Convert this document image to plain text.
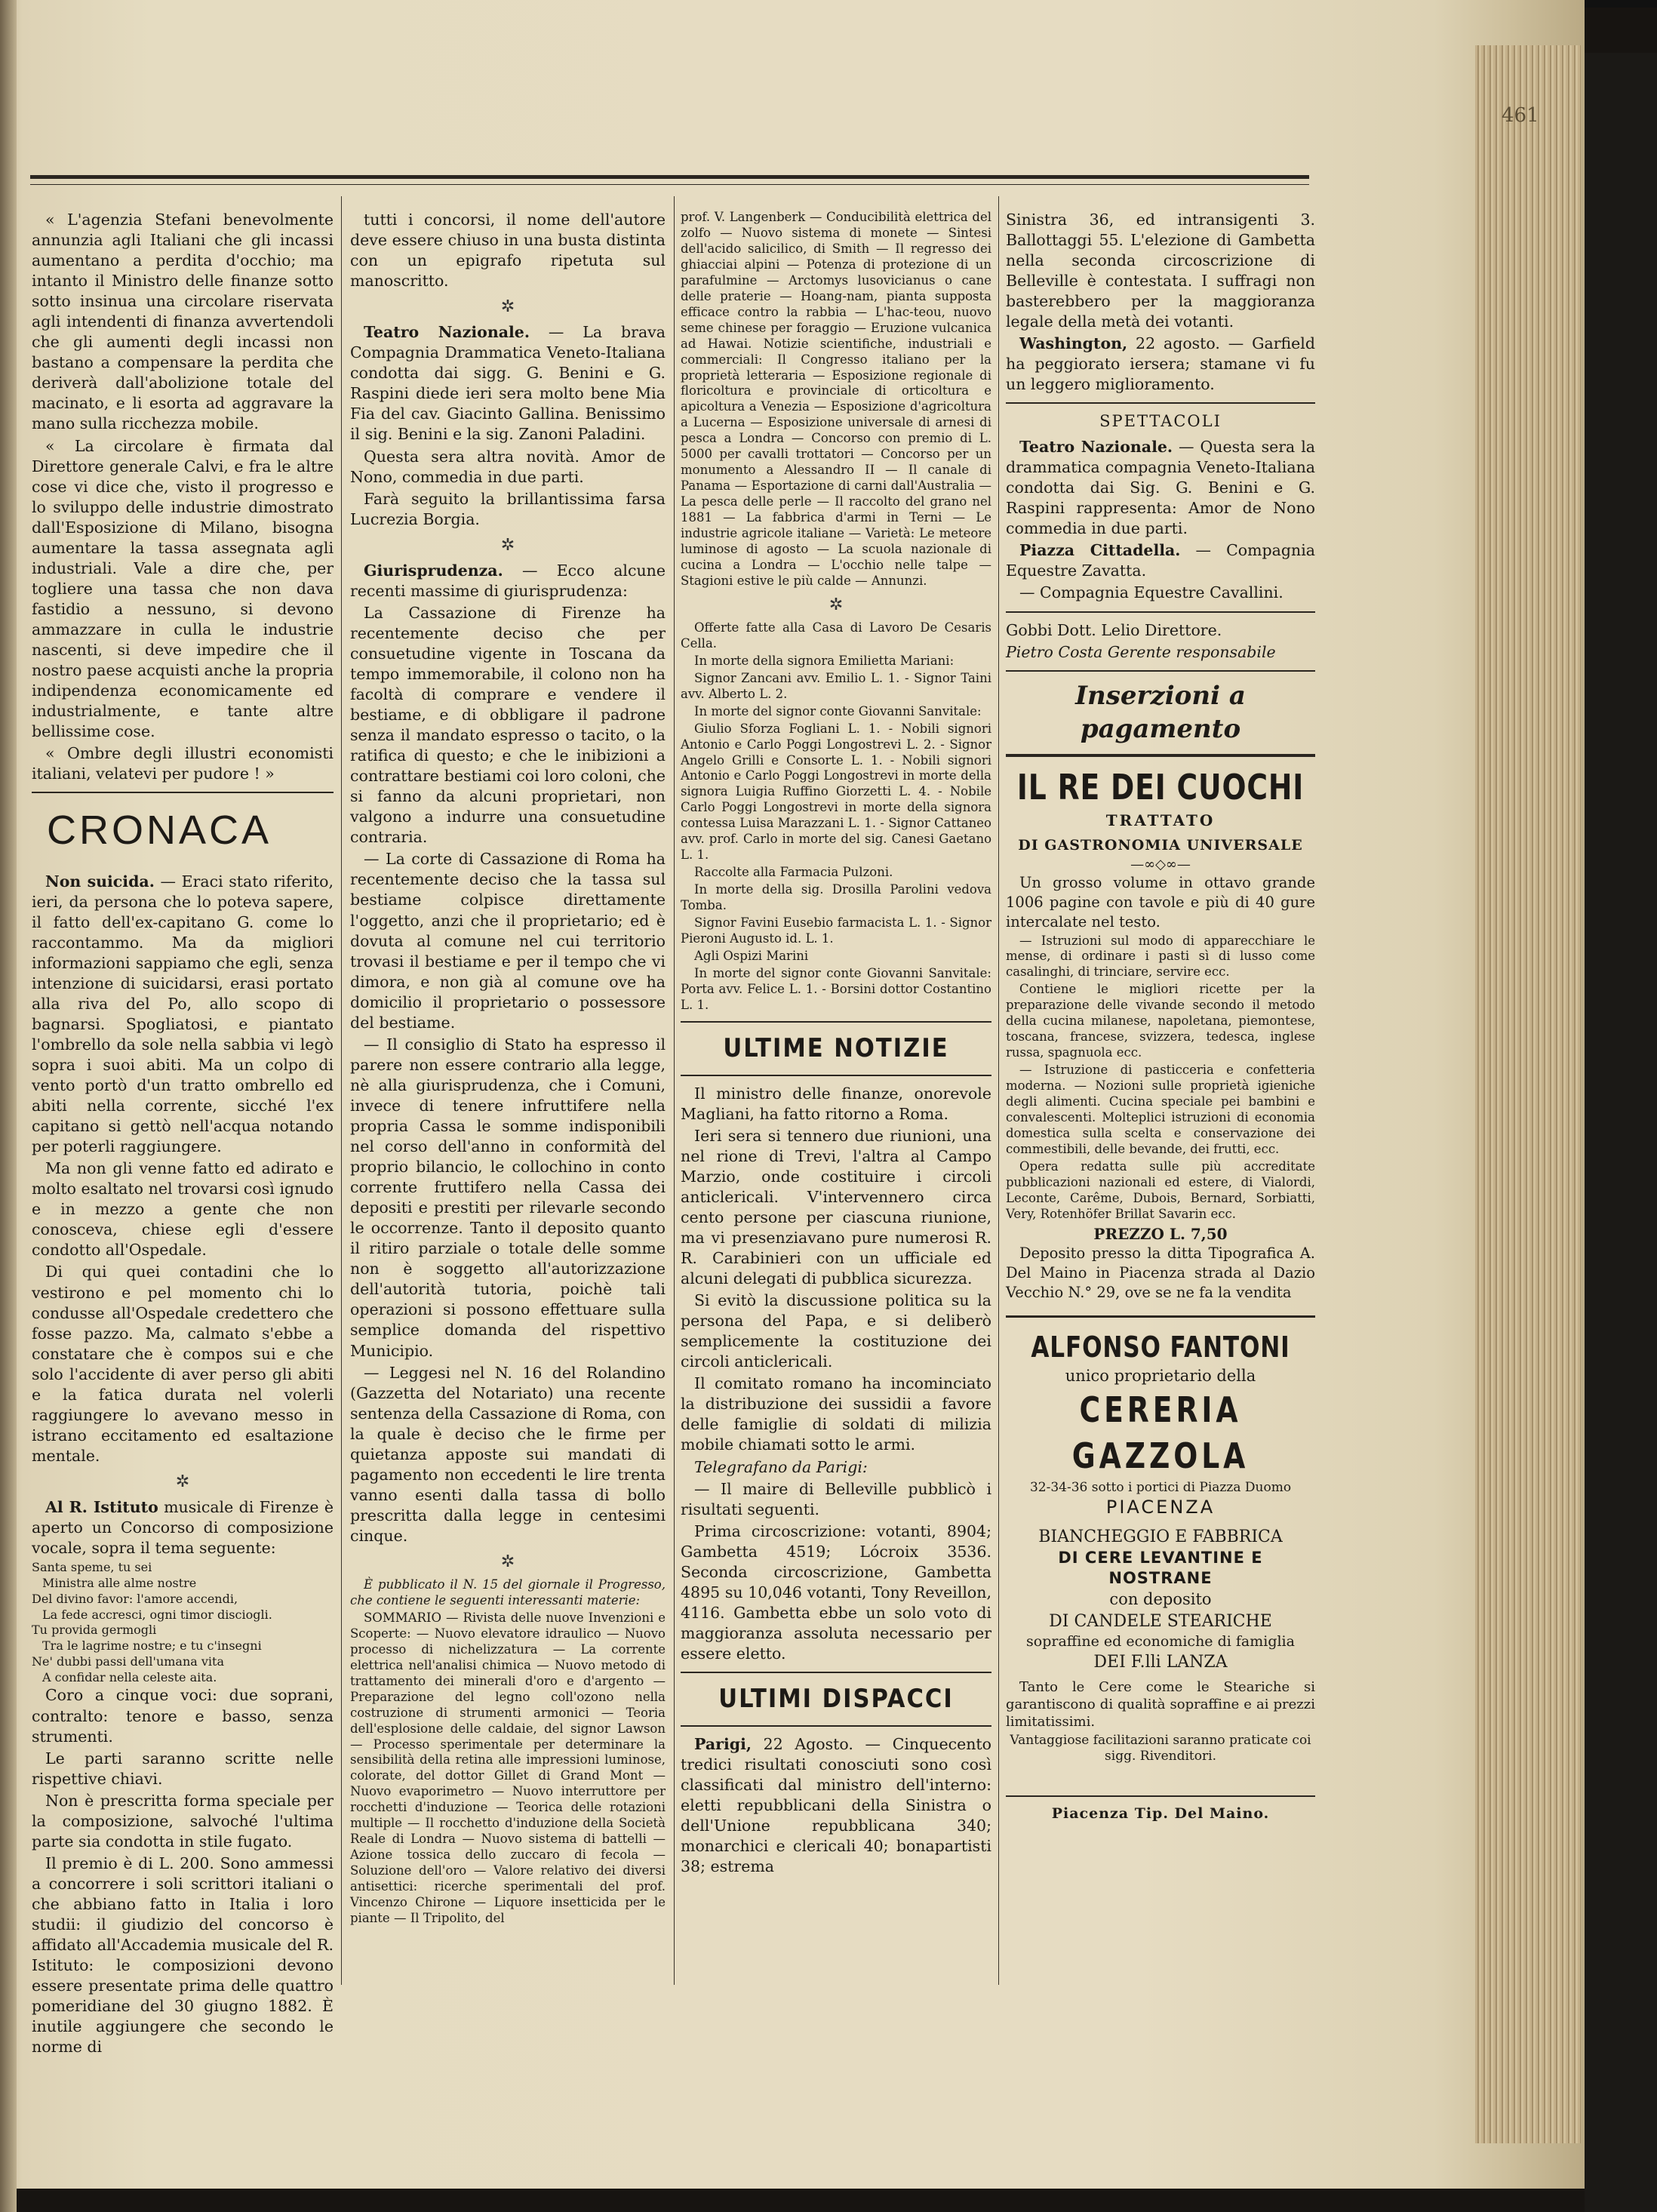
461

« L'agenzia Stefani benevolmente annunzia agli Italiani che gli incassi aumentano a perdita d'occhio; ma intanto il Ministro delle finanze sotto sotto insinua una circolare riservata agli intendenti di finanza avvertendoli che gli aumenti degli incassi non bastano a compensare la perdita che deriverà dall'abolizione totale del macinato, e li esorta ad aggravare la mano sulla ricchezza mobile.

« La circolare è firmata dal Direttore generale Calvi, e fra le altre cose vi dice che, visto il progresso e lo sviluppo delle industrie dimostrato dall'Esposizione di Milano, bisogna aumentare la tassa assegnata agli industriali. Vale a dire che, per togliere una tassa che non dava fastidio a nessuno, si devono ammazzare in culla le industrie nascenti, si deve impedire che il nostro paese acquisti anche la propria indipendenza economicamente ed industrialmente, e tante altre bellissime cose.

« Ombre degli illustri economisti italiani, velatevi per pudore ! »

CRONACA

Non suicida. — Eraci stato riferito, ieri, da persona che lo poteva sapere, il fatto dell'ex-capitano G. come lo raccontammo. Ma da migliori informazioni sappiamo che egli, senza intenzione di suicidarsi, erasi portato alla riva del Po, allo scopo di bagnarsi. Spogliatosi, e piantato l'ombrello da sole nella sabbia vi legò sopra i suoi abiti. Ma un colpo di vento portò d'un tratto ombrello ed abiti nella corrente, sicché l'ex capitano si gettò nell'acqua notando per poterli raggiungere.

Ma non gli venne fatto ed adirato e molto esaltato nel trovarsi così ignudo e in mezzo a gente che non conosceva, chiese egli d'essere condotto all'Ospedale.

Di qui quei contadini che lo vestirono e pel momento chi lo condusse all'Ospedale credettero che fosse pazzo. Ma, calmato s'ebbe a constatare che è compos sui e che solo l'accidente di aver perso gli abiti e la fatica durata nel volerli raggiungere lo avevano messo in istrano eccitamento ed esaltazione mentale.

✲

Al R. Istituto musicale di Firenze è aperto un Concorso di composizione vocale, sopra il tema seguente:

Santa speme, tu sei
Ministra alle alme nostre
Del divino favor: l'amore accendi,
La fede accresci, ogni timor disciogli.
Tu provida germogli
Tra le lagrime nostre; e tu c'insegni
Ne' dubbi passi dell'umana vita
A confidar nella celeste aita.

Coro a cinque voci: due soprani, contralto: tenore e basso, senza strumenti.

Le parti saranno scritte nelle rispettive chiavi.

Non è prescritta forma speciale per la composizione, salvoché l'ultima parte sia condotta in stile fugato.

Il premio è di L. 200. Sono ammessi a concorrere i soli scrittori italiani o che abbiano fatto in Italia i loro studii: il giudizio del concorso è affidato all'Accademia musicale del R. Istituto: le composizioni devono essere presentate prima delle quattro pomeridiane del 30 giugno 1882. È inutile aggiungere che secondo le norme di

tutti i concorsi, il nome dell'autore deve essere chiuso in una busta distinta con un epigrafo ripetuta sul manoscritto.

✲

Teatro Nazionale. — La brava Compagnia Drammatica Veneto-Italiana condotta dai sigg. G. Benini e G. Raspini diede ieri sera molto bene Mia Fia del cav. Giacinto Gallina. Benissimo il sig. Benini e la sig. Zanoni Paladini.

Questa sera altra novità. Amor de Nono, commedia in due parti.

Farà seguito la brillantissima farsa Lucrezia Borgia.

✲

Giurisprudenza. — Ecco alcune recenti massime di giurisprudenza:

La Cassazione di Firenze ha recentemente deciso che per consuetudine vigente in Toscana da tempo immemorabile, il colono non ha facoltà di comprare e vendere il bestiame, e di obbligare il padrone senza il mandato espresso o tacito, o la ratifica di questo; e che le inibizioni a contrattare bestiami coi loro coloni, che si fanno da alcuni proprietari, non valgono a indurre una consuetudine contraria.

— La corte di Cassazione di Roma ha recentemente deciso che la tassa sul bestiame colpisce direttamente l'oggetto, anzi che il proprietario; ed è dovuta al comune nel cui territorio trovasi il bestiame e per il tempo che vi dimora, e non già al comune ove ha domicilio il proprietario o possessore del bestiame.

— Il consiglio di Stato ha espresso il parere non essere contrario alla legge, nè alla giurisprudenza, che i Comuni, invece di tenere infruttifere nella propria Cassa le somme indisponibili nel corso dell'anno in conformità del proprio bilancio, le collochino in conto corrente fruttifero nella Cassa dei depositi e prestiti per rilevarle secondo le occorrenze. Tanto il deposito quanto il ritiro parziale o totale delle somme non è soggetto all'autorizzazione dell'autorità tutoria, poichè tali operazioni si possono effettuare sulla semplice domanda del rispettivo Municipio.

— Leggesi nel N. 16 del Rolandino (Gazzetta del Notariato) una recente sentenza della Cassazione di Roma, con la quale è deciso che le firme per quietanza apposte sui mandati di pagamento non eccedenti le lire trenta vanno esenti dalla tassa di bollo prescritta dalla legge in centesimi cinque.

✲

È pubblicato il N. 15 del giornale il Progresso, che contiene le seguenti interessanti materie:

SOMMARIO — Rivista delle nuove Invenzioni e Scoperte: — Nuovo elevatore idraulico — Nuovo processo di nichelizzatura — La corrente elettrica nell'analisi chimica — Nuovo metodo di trattamento dei minerali d'oro e d'argento — Preparazione del legno coll'ozono nella costruzione di strumenti armonici — Teoria dell'esplosione delle caldaie, del signor Lawson — Processo sperimentale per determinare la sensibilità della retina alle impressioni luminose, colorate, del dottor Gillet di Grand Mont — Nuovo evaporimetro — Nuovo interruttore per rocchetti d'induzione — Teorica delle rotazioni multiple — Il rocchetto d'induzione della Società Reale di Londra — Nuovo sistema di battelli — Azione tossica dello zuccaro di fecola — Soluzione dell'oro — Valore relativo dei diversi antisettici: ricerche sperimentali del prof. Vincenzo Chirone — Liquore insetticida per le piante — Il Tripolito, del

prof. V. Langenberk — Conducibilità elettrica del zolfo — Nuovo sistema di monete — Sintesi dell'acido salicilico, di Smith — Il regresso dei ghiacciai alpini — Potenza di protezione di un parafulmine — Arctomys lusovicianus o cane delle praterie — Hoang-nam, pianta supposta efficace contro la rabbia — L'hac-teou, nuovo seme chinese per foraggio — Eruzione vulcanica ad Hawai. Notizie scientifiche, industriali e commerciali: Il Congresso italiano per la proprietà letteraria — Esposizione regionale di floricoltura e provinciale di orticoltura e apicoltura a Venezia — Esposizione d'agricoltura a Lucerna — Esposizione universale di arnesi di pesca a Londra — Concorso con premio di L. 5000 per cavalli trottatori — Concorso per un monumento a Alessandro II — Il canale di Panama — Esportazione di carni dall'Australia — La pesca delle perle — Il raccolto del grano nel 1881 — La fabbrica d'armi in Terni — Le industrie agricole italiane — Varietà: Le meteore luminose di agosto — La scuola nazionale di cucina a Londra — L'occhio nelle talpe — Stagioni estive le più calde — Annunzi.

✲

Offerte fatte alla Casa di Lavoro De Cesaris Cella.

In morte della signora Emilietta Mariani:

Signor Zancani avv. Emilio L. 1. - Signor Taini avv. Alberto L. 2.

In morte del signor conte Giovanni Sanvitale:

Giulio Sforza Fogliani L. 1. - Nobili signori Antonio e Carlo Poggi Longostrevi L. 2. - Signor Angelo Grilli e Consorte L. 1. - Nobili signori Antonio e Carlo Poggi Longostrevi in morte della signora Luigia Ruffino Giorzetti L. 4. - Nobile Carlo Poggi Longostrevi in morte della signora contessa Luisa Marazzani L. 1. - Signor Cattaneo avv. prof. Carlo in morte del sig. Canesi Gaetano L. 1.

Raccolte alla Farmacia Pulzoni.

In morte della sig. Drosilla Parolini vedova Tomba.

Signor Favini Eusebio farmacista L. 1. - Signor Pieroni Augusto id. L. 1.

Agli Ospizi Marini

In morte del signor conte Giovanni Sanvitale: Porta avv. Felice L. 1. - Borsini dottor Costantino L. 1.

ULTIME NOTIZIE

Il ministro delle finanze, onorevole Magliani, ha fatto ritorno a Roma.

Ieri sera si tennero due riunioni, una nel rione di Trevi, l'altra al Campo Marzio, onde costituire i circoli anticlericali. V'intervennero circa cento persone per ciascuna riunione, ma vi presenziavano pure numerosi R. R. Carabinieri con un ufficiale ed alcuni delegati di pubblica sicurezza.

Si evitò la discussione politica su la persona del Papa, e si deliberò semplicemente la costituzione dei circoli anticlericali.

Il comitato romano ha incominciato la distribuzione dei sussidii a favore delle famiglie di soldati di milizia mobile chiamati sotto le armi.

Telegrafano da Parigi:

— Il maire di Belleville pubblicò i risultati seguenti.

Prima circoscrizione: votanti, 8904; Gambetta 4519; Lócroix 3536. Seconda circoscrizione, Gambetta 4895 su 10,046 votanti, Tony Reveillon, 4116. Gambetta ebbe un solo voto di maggioranza assoluta necessario per essere eletto.

ULTIMI DISPACCI

Parigi, 22 Agosto. — Cinquecento tredici risultati conosciuti sono così classificati dal ministro dell'interno: eletti repubblicani della Sinistra o dell'Unione repubblicana 340; monarchici e clericali 40; bonapartisti 38; estrema

Sinistra 36, ed intransigenti 3. Ballottaggi 55. L'elezione di Gambetta nella seconda circoscrizione di Belleville è contestata. I suffragi non basterebbero per la maggioranza legale della metà dei votanti.

Washington, 22 agosto. — Garfield ha peggiorato iersera; stamane vi fu un leggero miglioramento.

SPETTACOLI

Teatro Nazionale. — Questa sera la drammatica compagnia Veneto-Italiana condotta dai Sig. G. Benini e G. Raspini rappresenta: Amor de Nono commedia in due parti.

Piazza Cittadella. — Compagnia Equestre Zavatta.

— Compagnia Equestre Cavallini.

Gobbi Dott. Lelio Direttore.

Pietro Costa Gerente responsabile

Inserzioni a pagamento
IL RE DEI CUOCHI
TRATTATO
DI GASTRONOMIA UNIVERSALE
—∞◇∞—

Un grosso volume in ottavo grande 1006 pagine con tavole e più di 40 gure intercalate nel testo.

— Istruzioni sul modo di apparecchiare le mense, di ordinare i pasti sì di lusso come casalinghi, di trinciare, servire ecc.

Contiene le migliori ricette per la preparazione delle vivande secondo il metodo della cucina milanese, napoletana, piemontese, toscana, francese, svizzera, tedesca, inglese russa, spagnuola ecc.

— Istruzione di pasticceria e confetteria moderna. — Nozioni sulle proprietà igieniche degli alimenti. Cucina speciale pei bambini e convalescenti. Molteplici istruzioni di economia domestica sulla scelta e conservazione dei commestibili, delle bevande, dei frutti, ecc.

Opera redatta sulle più accreditate pubblicazioni nazionali ed estere, di Vialordi, Leconte, Carême, Dubois, Bernard, Sorbiatti, Very, Rotenhöfer Brillat Savarin ecc.

PREZZO L. 7,50

Deposito presso la ditta Tipografica A. Del Maino in Piacenza strada al Dazio Vecchio N.° 29, ove se ne fa la vendita

ALFONSO FANTONI
unico proprietario della
CERERIA GAZZOLA
32-34-36 sotto i portici di Piazza Duomo
PIACENZA
BIANCHEGGIO E FABBRICA
DI CERE LEVANTINE E NOSTRANE
con deposito
DI CANDELE STEARICHE
sopraffine ed economiche di famiglia
DEI F.lli LANZA

Tanto le Cere come le Steariche si garantiscono di qualità sopraffine e ai prezzi limitatissimi.

Vantaggiose facilitazioni saranno praticate coi sigg. Rivenditori.

Piacenza Tip. Del Maino.
